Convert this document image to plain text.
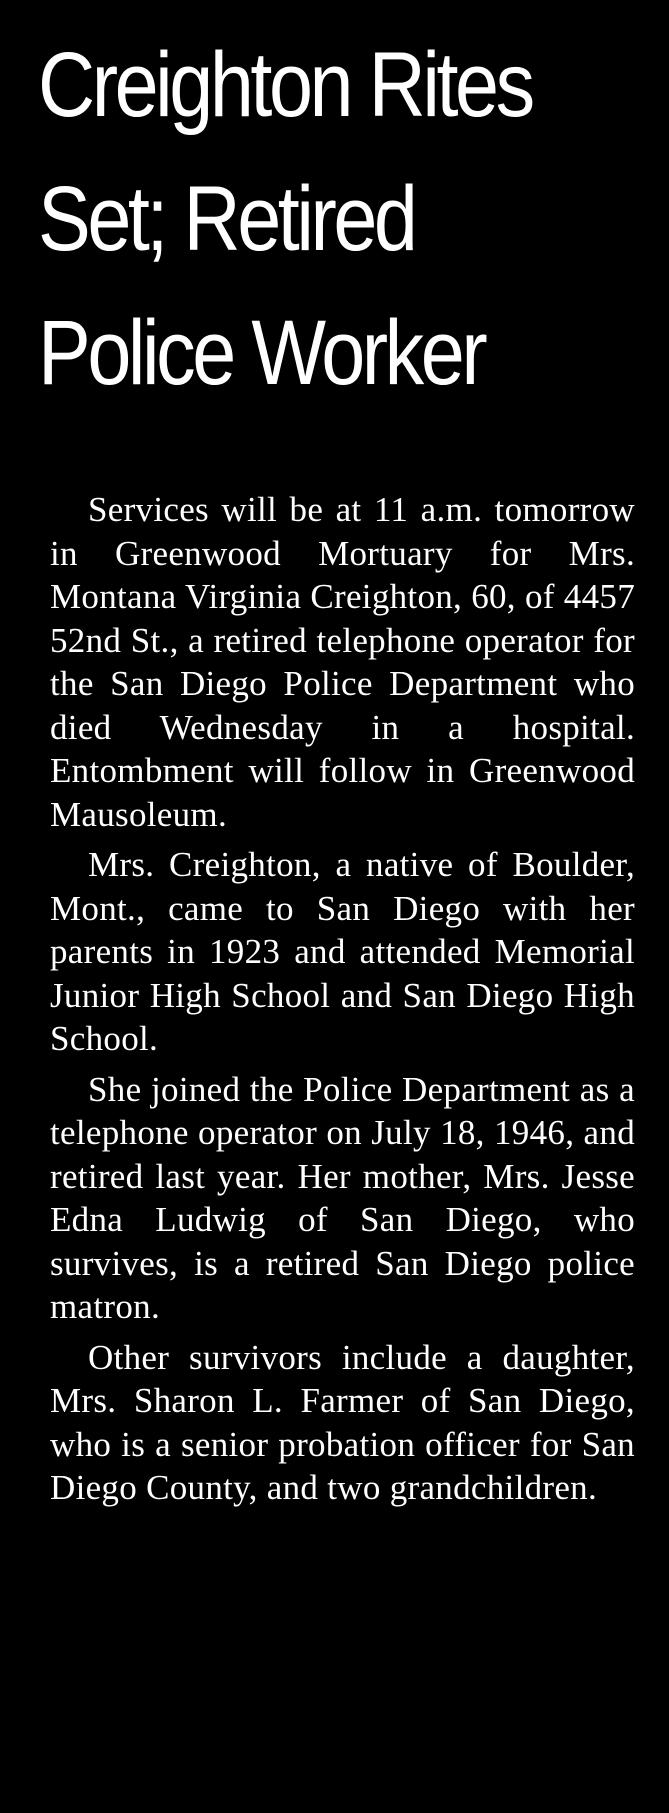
Creighton Rites
Set; Retired
Police Worker

Services will be at 11 a.m. tomorrow in Greenwood Mortuary for Mrs. Montana Virginia Creighton, 60, of 4457 52nd St., a retired telephone operator for the San Diego Police Department who died Wednesday in a hospital. Entombment will follow in Greenwood Mausoleum.

Mrs. Creighton, a native of Boulder, Mont., came to San Diego with her parents in 1923 and attended Memorial Junior High School and San Diego High School.

She joined the Police Department as a telephone operator on July 18, 1946, and retired last year. Her mother, Mrs. Jesse Edna Ludwig of San Diego, who survives, is a retired San Diego police matron.

Other survivors include a daughter, Mrs. Sharon L. Farmer of San Diego, who is a senior probation officer for San Diego County, and two grandchildren.
